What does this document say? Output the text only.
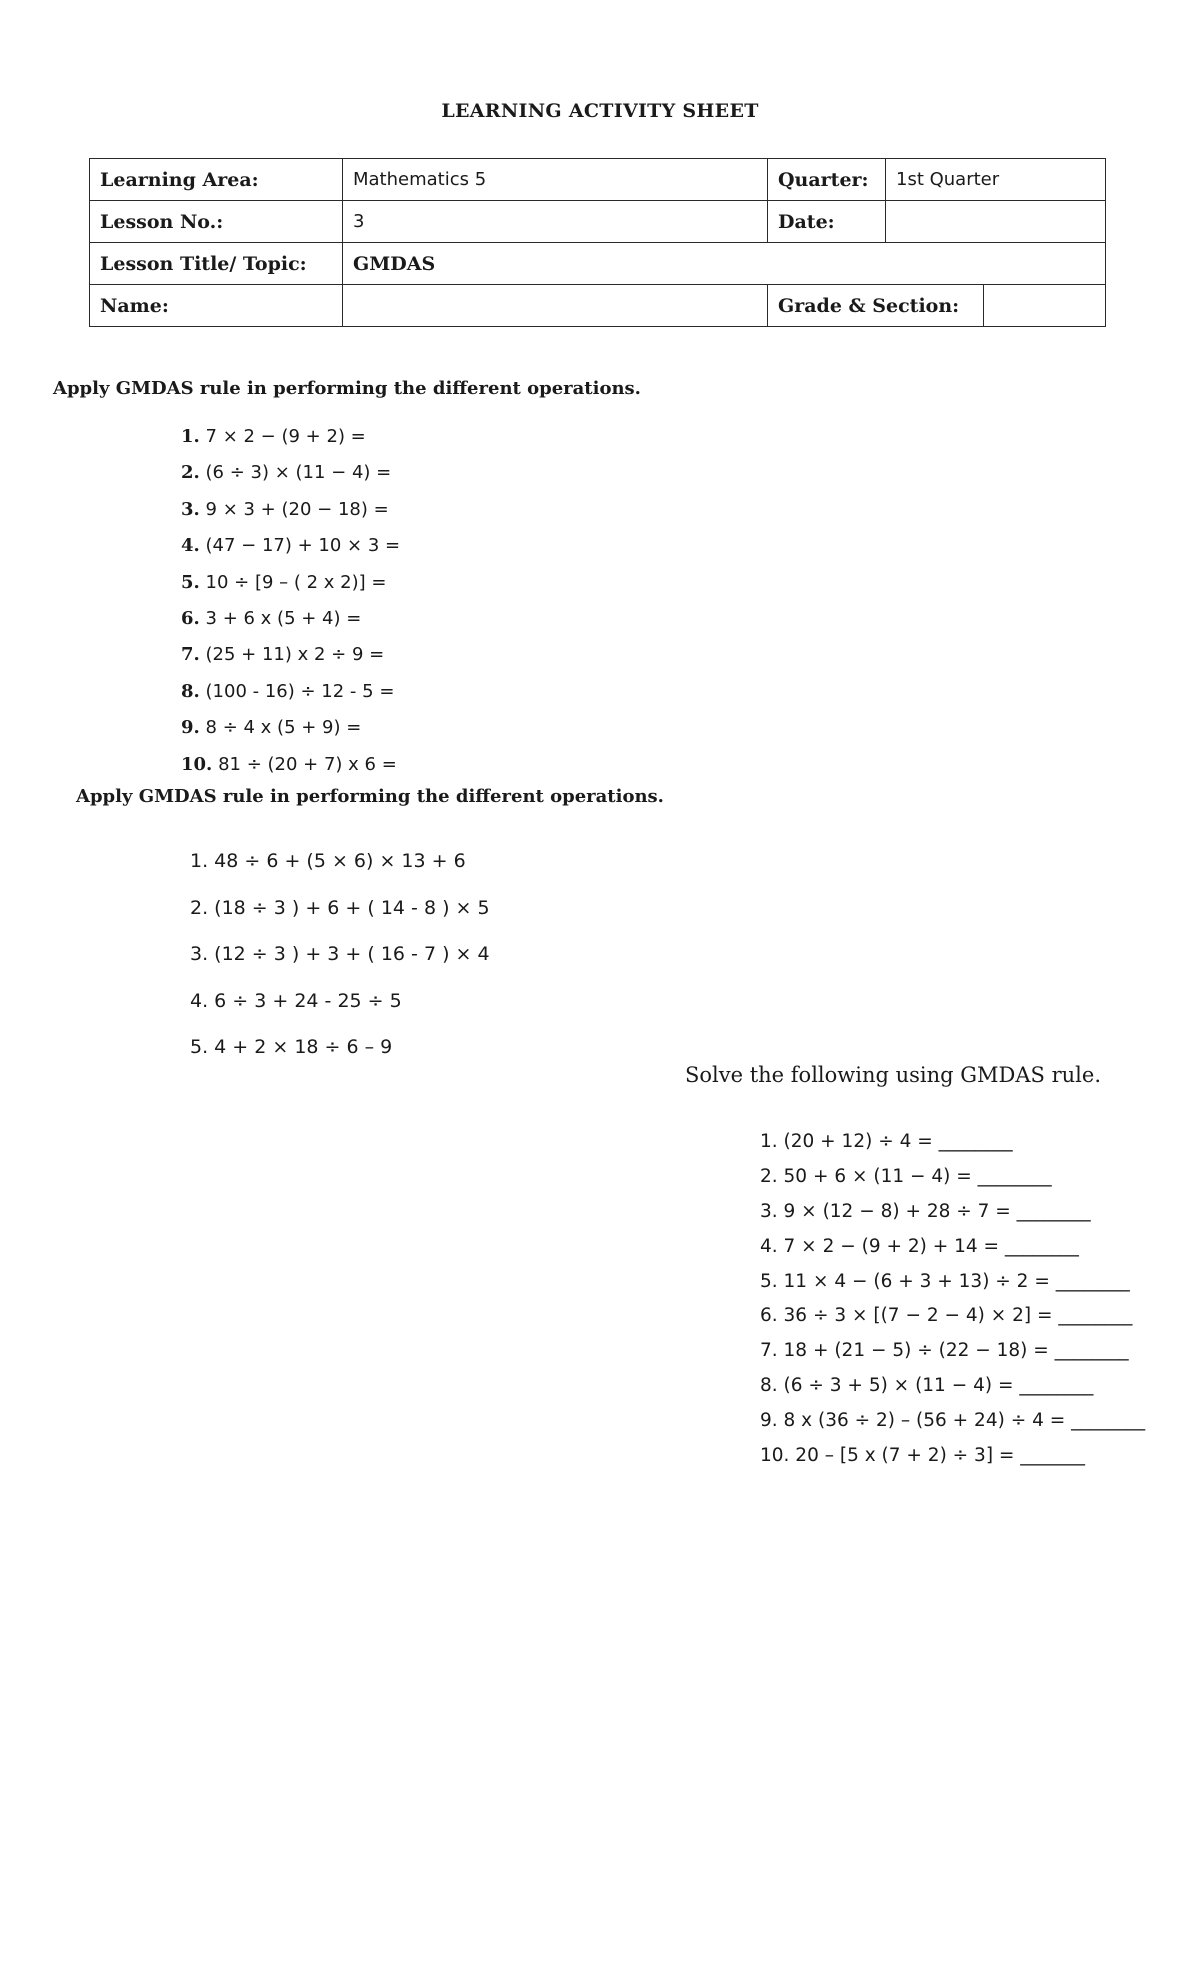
LEARNING ACTIVITY SHEET
Learning Area:	Mathematics 5	Quarter:	1st Quarter	
Lesson No.:	3	Date:		
Lesson Title/ Topic:	GMDAS			
Name:		Grade & Section:		
Apply GMDAS rule in performing the different operations.
1. 7 × 2 − (9 + 2) =
2. (6 ÷ 3) × (11 − 4) =
3. 9 × 3 + (20 − 18) =
4. (47 − 17) + 10 × 3 =
5. 10 ÷ [9 – ( 2 x 2)] =
6. 3 + 6 x (5 + 4) =
7. (25 + 11) x 2 ÷ 9 =
8. (100 - 16) ÷ 12 - 5 =
9. 8 ÷ 4 x (5 + 9) =
10. 81 ÷ (20 + 7) x 6 =
Apply GMDAS rule in performing the different operations.
1. 48 ÷ 6 + (5 × 6) × 13 + 6
2. (18 ÷ 3 ) + 6 + ( 14 - 8 ) × 5
3. (12 ÷ 3 ) + 3 + ( 16 - 7 ) × 4
4. 6 ÷ 3 + 24 - 25 ÷ 5
5. 4 + 2 × 18 ÷ 6 – 9
Solve the following using GMDAS rule.
1. (20 + 12) ÷ 4 = ________
2. 50 + 6 × (11 − 4) = ________
3. 9 × (12 − 8) + 28 ÷ 7 = ________
4. 7 × 2 − (9 + 2) + 14 = ________
5. 11 × 4 − (6 + 3 + 13) ÷ 2 = ________
6. 36 ÷ 3 × [(7 − 2 − 4) × 2] = ________
7. 18 + (21 − 5) ÷ (22 − 18) = ________
8. (6 ÷ 3 + 5) × (11 − 4) = ________
9. 8 x (36 ÷ 2) – (56 + 24) ÷ 4 = ________
10. 20 – [5 x (7 + 2) ÷ 3] = _______
